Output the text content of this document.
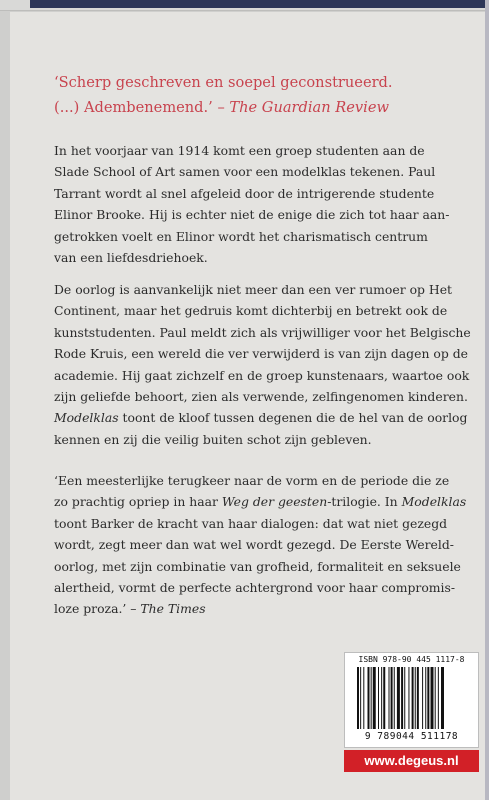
‘Scherp geschreven en soepel geconstrueerd.
(...) Adembenemend.’ – The Guardian Review

In het voorjaar van 1914 komt een groep studenten aan de

Slade School of Art samen voor een modelklas tekenen. Paul

Tarrant wordt al snel afgeleid door de intrigerende studente

Elinor Brooke. Hij is echter niet de enige die zich tot haar aan-

getrokken voelt en Elinor wordt het charismatisch centrum

van een liefdesdriehoek.

De oorlog is aanvankelijk niet meer dan een ver rumoer op Het

Continent, maar het gedruis komt dichterbij en betrekt ook de

kunststudenten. Paul meldt zich als vrijwilliger voor het Belgische

Rode Kruis, een wereld die ver verwijderd is van zijn dagen op de

academie. Hij gaat zichzelf en de groep kunstenaars, waartoe ook

zijn geliefde behoort, zien als verwende, zelfingenomen kinderen.

Modelklas toont de kloof tussen degenen die de hel van de oorlog

kennen en zij die veilig buiten schot zijn gebleven.

‘Een meesterlijke terugkeer naar de vorm en de periode die ze

zo prachtig opriep in haar Weg der geesten-trilogie. In Modelklas

toont Barker de kracht van haar dialogen: dat wat niet gezegd

wordt, zegt meer dan wat wel wordt gezegd. De Eerste Wereld-

oorlog, met zijn combinatie van grofheid, formaliteit en seksuele

alertheid, vormt de perfecte achtergrond voor haar compromis-

loze proza.’ – The Times

ISBN 978-90 445 1117-8
9 789044 511178
www.degeus.nl
